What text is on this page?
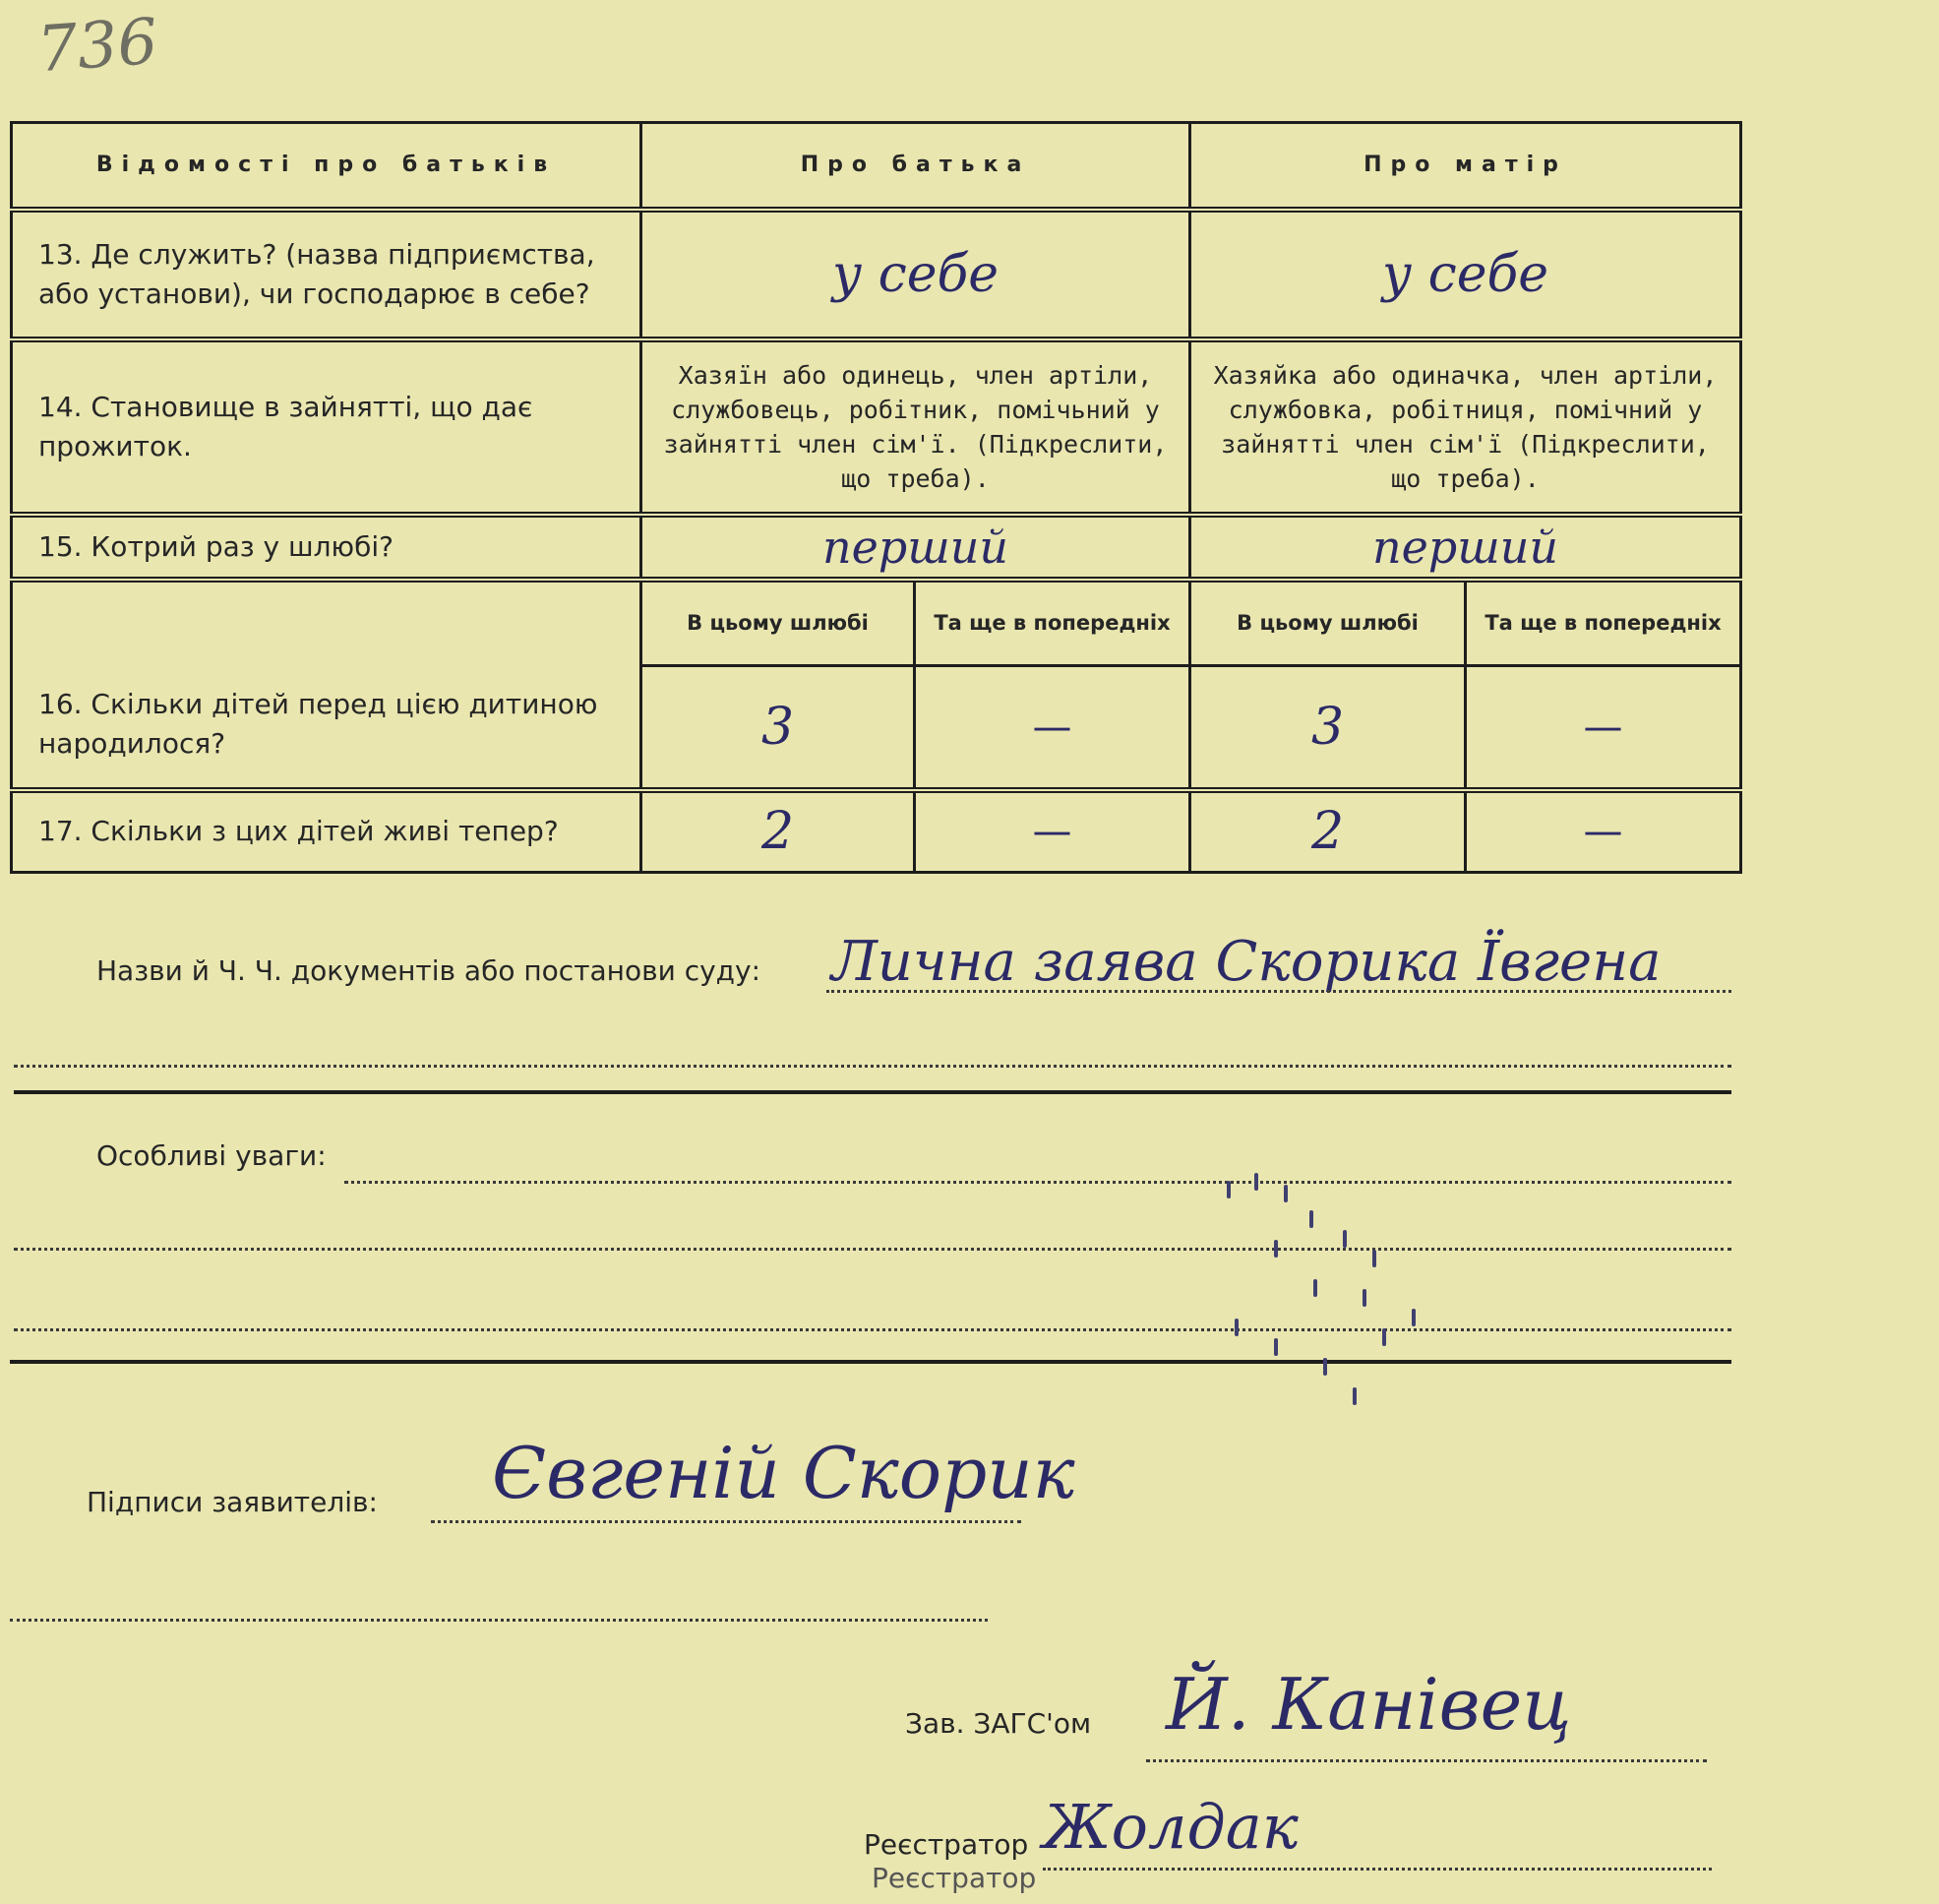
736
Відомості про батьків	Про батька		Про матір	
13. Де служить? (назва підприємства, або установи), чи господарює в себе?	у себе		у себе	
14. Становище в зайнятті, що дає прожиток.	Хазяїн або одинець, член артіли, службовець, робітник, помічьний у зайнятті член сім'ї. (Підкреслити, що треба).		Хазяйка або одиначка, член артіли, службовка, робітниця, помічний у зайнятті член сім'ї (Підкреслити, що треба).	
15. Котрий раз у шлюбі?	перший		перший	
16. Скільки дітей перед цією дитиною народилося?	В цьому шлюбі	Та ще в попередніх	В цьому шлюбі	Та ще в попередніх
	3	—	3	—
17. Скільки з цих дітей живі тепер?	2	—	2	—
Назви й Ч. Ч. документів або постанови суду: Лична заява Скорика Ївгена
Особливі уваги:
Підписи заявителів: Євгеній Скорик
Зав. ЗАГС'ом Й. Канівец
Реєстратор
Реєстратор
Жолдак
